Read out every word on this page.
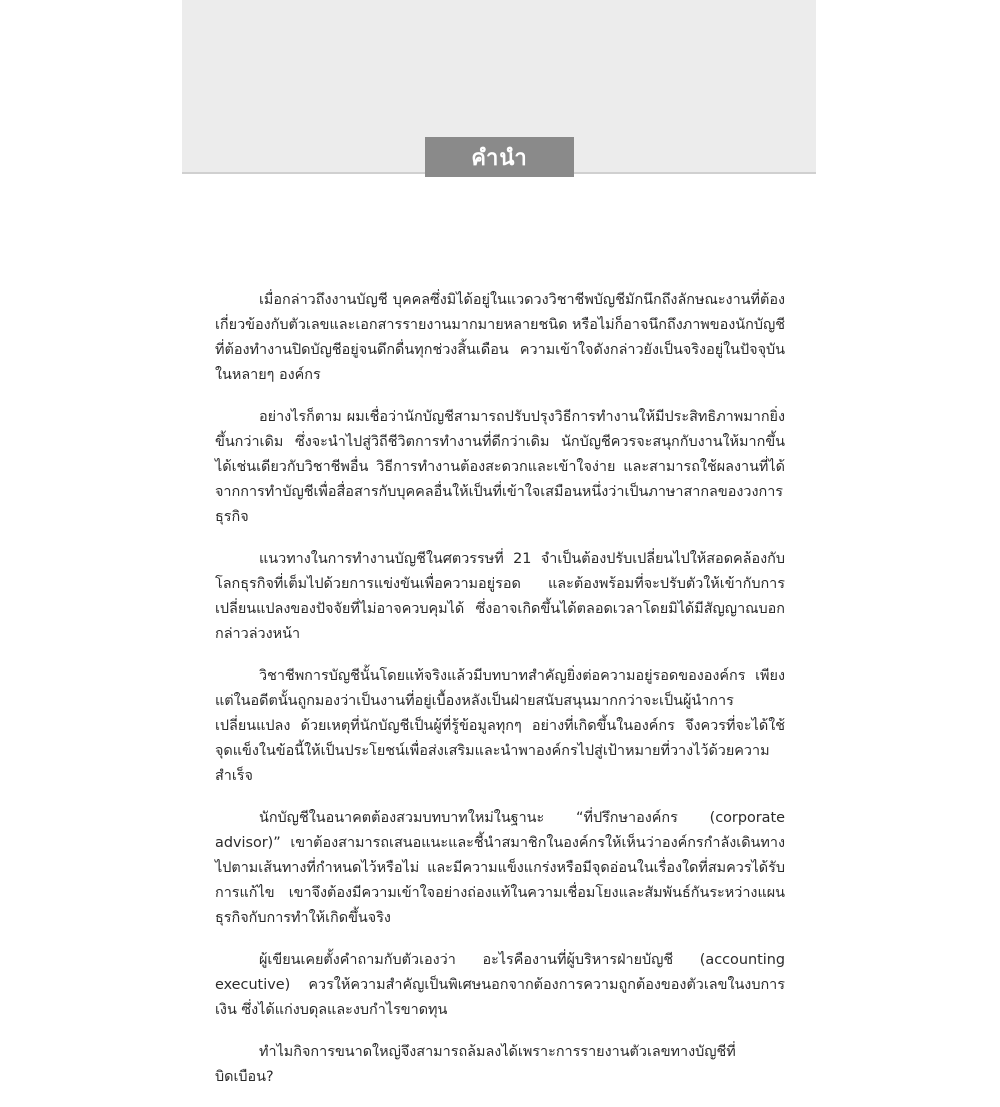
คำนำ

เมื่อกล่าวถึงงานบัญชี บุคคลซึ่งมิได้อยู่ในแวดวงวิชาชีพบัญชีมักนึกถึงลักษณะงานที่ต้องเกี่ยวข้องกับตัวเลขและเอกสารรายงานมากมายหลายชนิด หรือไม่ก็อาจนึกถึงภาพของนักบัญชีที่ต้องทำงานปิดบัญชีอยู่จนดึกดื่นทุกช่วงสิ้นเดือน ความเข้าใจดังกล่าวยังเป็นจริงอยู่ในปัจจุบันในหลายๆ องค์กร

อย่างไรก็ตาม ผมเชื่อว่านักบัญชีสามารถปรับปรุงวิธีการทำงานให้มีประสิทธิภาพมากยิ่งขึ้นกว่าเดิม ซึ่งจะนำไปสู่วิถีชีวิตการทำงานที่ดีกว่าเดิม นักบัญชีควรจะสนุกกับงานให้มากขึ้นได้เช่นเดียวกับวิชาชีพอื่น วิธีการทำงานต้องสะดวกและเข้าใจง่าย และสามารถใช้ผลงานที่ได้จากการทำบัญชีเพื่อสื่อสารกับบุคคลอื่นให้เป็นที่เข้าใจเสมือนหนึ่งว่าเป็นภาษาสากลของวงการธุรกิจ

แนวทางในการทำงานบัญชีในศตวรรษที่ 21 จำเป็นต้องปรับเปลี่ยนไปให้สอดคล้องกับโลกธุรกิจที่เต็มไปด้วยการแข่งขันเพื่อความอยู่รอด และต้องพร้อมที่จะปรับตัวให้เข้ากับการเปลี่ยนแปลงของปัจจัยที่ไม่อาจควบคุมได้ ซึ่งอาจเกิดขึ้นได้ตลอดเวลาโดยมิได้มีสัญญาณบอกกล่าวล่วงหน้า

วิชาชีพการบัญชีนั้นโดยแท้จริงแล้วมีบทบาทสำคัญยิ่งต่อความอยู่รอดขององค์กร เพียงแต่ในอดีตนั้นถูกมองว่าเป็นงานที่อยู่เบื้องหลังเป็นฝ่ายสนับสนุนมากกว่าจะเป็นผู้นำการเปลี่ยนแปลง ด้วยเหตุที่นักบัญชีเป็นผู้ที่รู้ข้อมูลทุกๆ อย่างที่เกิดขึ้นในองค์กร จึงควรที่จะได้ใช้จุดแข็งในข้อนี้ให้เป็นประโยชน์เพื่อส่งเสริมและนำพาองค์กรไปสู่เป้าหมายที่วางไว้ด้วยความสำเร็จ

นักบัญชีในอนาคตต้องสวมบทบาทใหม่ในฐานะ “ที่ปรึกษาองค์กร (corporate advisor)” เขาต้องสามารถเสนอแนะและชี้นำสมาชิกในองค์กรให้เห็นว่าองค์กรกำลังเดินทางไปตามเส้นทางที่กำหนดไว้หรือไม่ และมีความแข็งแกร่งหรือมีจุดอ่อนในเรื่องใดที่สมควรได้รับการแก้ไข เขาจึงต้องมีความเข้าใจอย่างถ่องแท้ในความเชื่อมโยงและสัมพันธ์กันระหว่างแผนธุรกิจกับการทำให้เกิดขึ้นจริง

ผู้เขียนเคยตั้งคำถามกับตัวเองว่า อะไรคืองานที่ผู้บริหารฝ่ายบัญชี (accounting executive) ควรให้ความสำคัญเป็นพิเศษนอกจากต้องการความถูกต้องของตัวเลขในงบการเงิน ซึ่งได้แก่งบดุลและงบกำไรขาดทุน

ทำไมกิจการขนาดใหญ่จึงสามารถล้มลงได้เพราะการรายงานตัวเลขทางบัญชีที่บิดเบือน?
